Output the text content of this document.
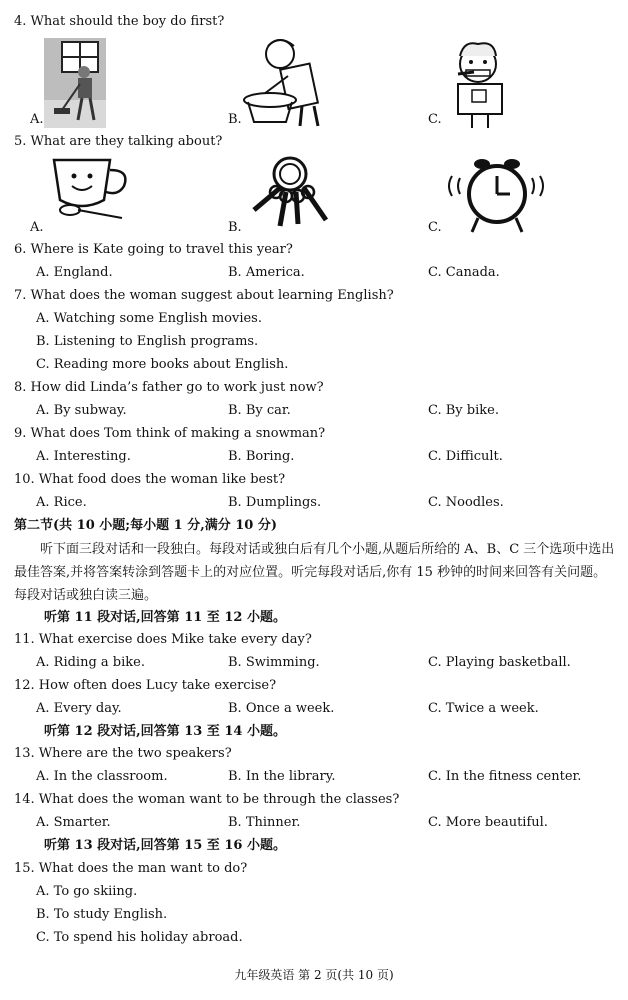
4. What should the boy do first?
A.	B.	C.
5. What are they talking about?
A.	B.	C.
6. Where is Kate going to travel this year?
A. England.	B. America.	C. Canada.
7. What does the woman suggest about learning English?
A. Watching some English movies.
B. Listening to English programs.
C. Reading more books about English.
8. How did Linda’s father go to work just now?
A. By subway.	B. By car.	C. By bike.
9. What does Tom think of making a snowman?
A. Interesting.	B. Boring.	C. Difficult.
10. What food does the woman like best?
A. Rice.	B. Dumplings.	C. Noodles.
第二节(共 10 小题;每小题 1 分,满分 10 分)
听下面三段对话和一段独白。每段对话或独白后有几个小题,从题后所给的 A、B、C 三个选项中选出最佳答案,并将答案转涂到答题卡上的对应位置。听完每段对话后,你有 15 秒钟的时间来回答有关问题。每段对话或独白读三遍。
听第 11 段对话,回答第 11 至 12 小题。
11. What exercise does Mike take every day?
A. Riding a bike.	B. Swimming.	C. Playing basketball.
12. How often does Lucy take exercise?
A. Every day.	B. Once a week.	C. Twice a week.
听第 12 段对话,回答第 13 至 14 小题。
13. Where are the two speakers?
A. In the classroom.	B. In the library.	C. In the fitness center.
14. What does the woman want to be through the classes?
A. Smarter.	B. Thinner.	C. More beautiful.
听第 13 段对话,回答第 15 至 16 小题。
15. What does the man want to do?
A. To go skiing.
B. To study English.
C. To spend his holiday abroad.
九年级英语 第 2 页(共 10 页)
